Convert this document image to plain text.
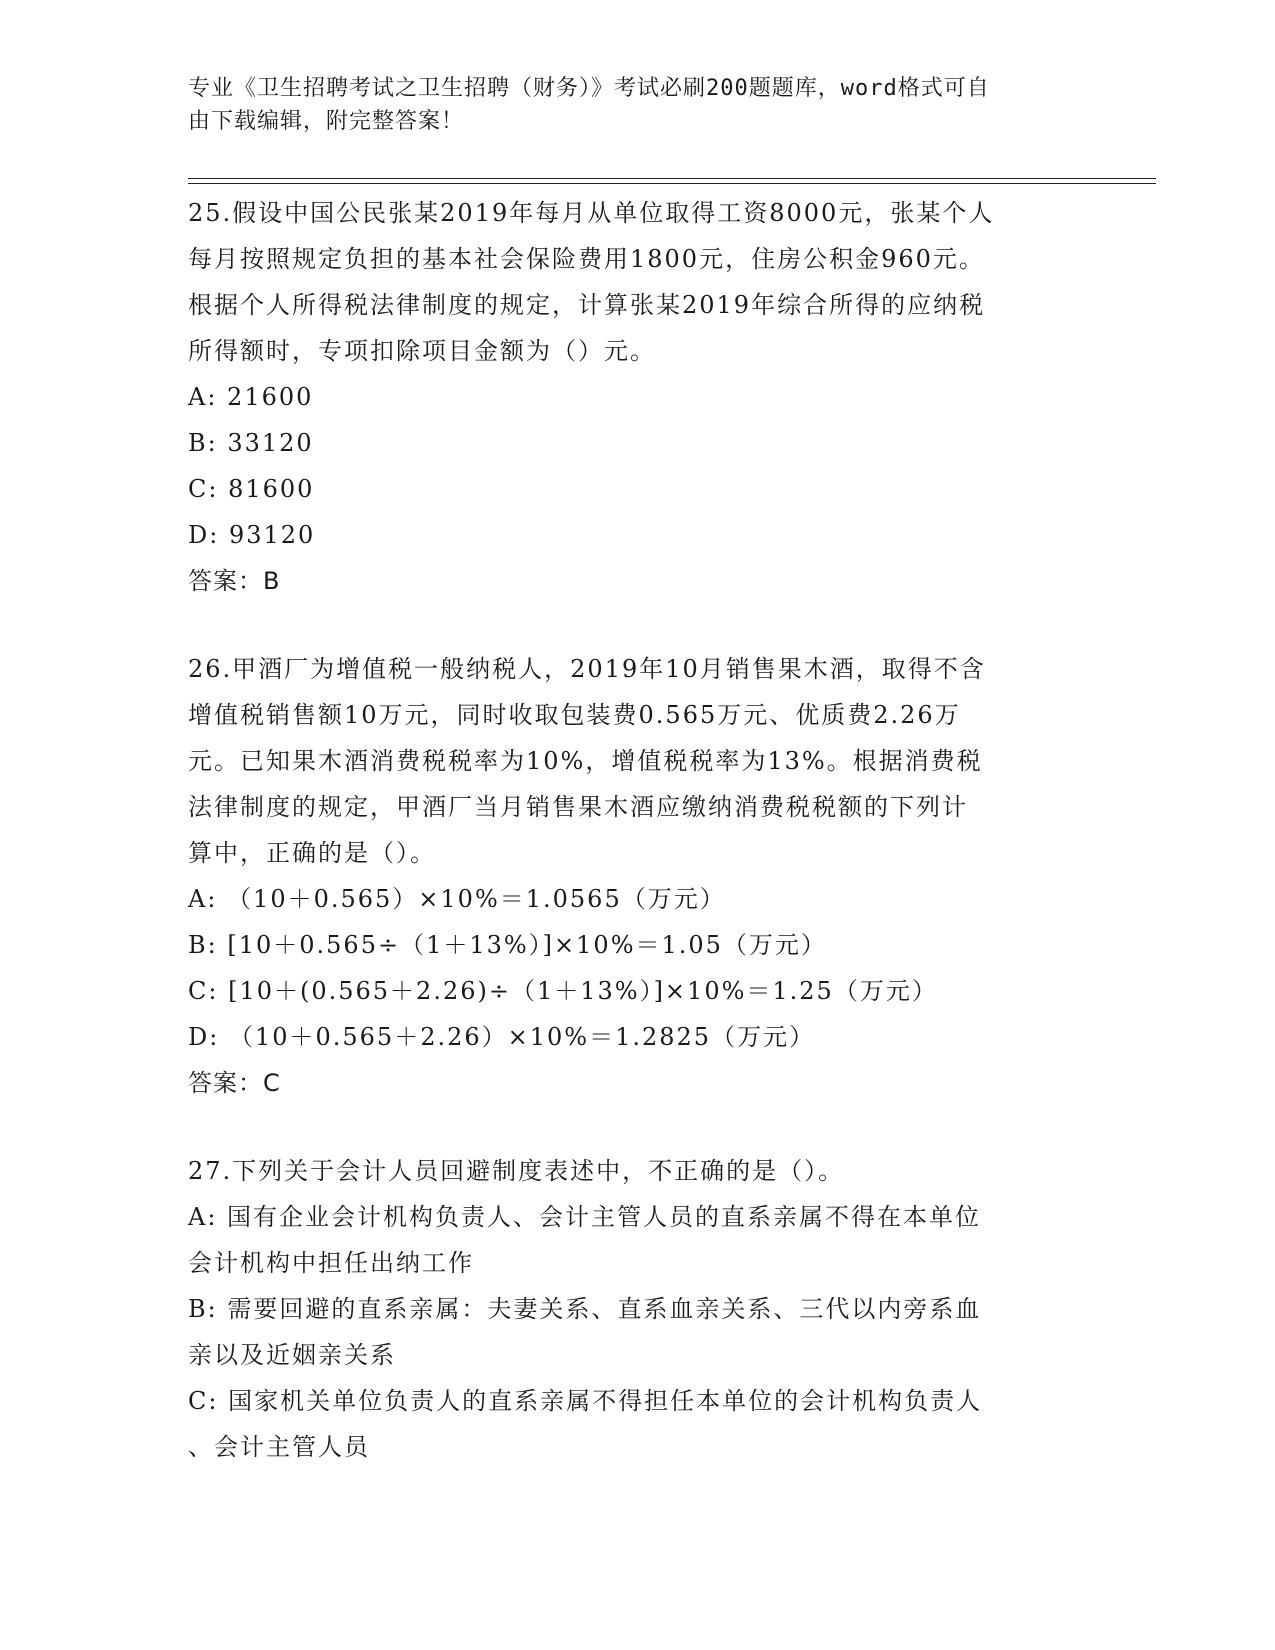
专业《卫生招聘考试之卫生招聘（财务）》考试必刷200题题库，word格式可自
由下载编辑，附完整答案！

25.假设中国公民张某2019年每月从单位取得工资8000元，张某个人

每月按照规定负担的基本社会保险费用1800元，住房公积金960元。

根据个人所得税法律制度的规定，计算张某2019年综合所得的应纳税

所得额时，专项扣除项目金额为（）元。

A: 21600

B: 33120

C: 81600

D: 93120

答案：B

26.甲酒厂为增值税一般纳税人，2019年10月销售果木酒，取得不含

增值税销售额10万元，同时收取包装费0.565万元、优质费2.26万

元。已知果木酒消费税税率为10%，增值税税率为13%。根据消费税

法律制度的规定，甲酒厂当月销售果木酒应缴纳消费税税额的下列计

算中，正确的是（）。

A: （10＋0.565）×10%＝1.0565（万元）

B: [10＋0.565÷（1＋13%）]×10%＝1.05（万元）

C: [10＋(0.565＋2.26)÷（1＋13%）]×10%＝1.25（万元）

D: （10＋0.565＋2.26）×10%＝1.2825（万元）

答案：C

27.下列关于会计人员回避制度表述中，不正确的是（）。

A: 国有企业会计机构负责人、会计主管人员的直系亲属不得在本单位

会计机构中担任出纳工作

B: 需要回避的直系亲属：夫妻关系、直系血亲关系、三代以内旁系血

亲以及近姻亲关系

C: 国家机关单位负责人的直系亲属不得担任本单位的会计机构负责人

、会计主管人员
